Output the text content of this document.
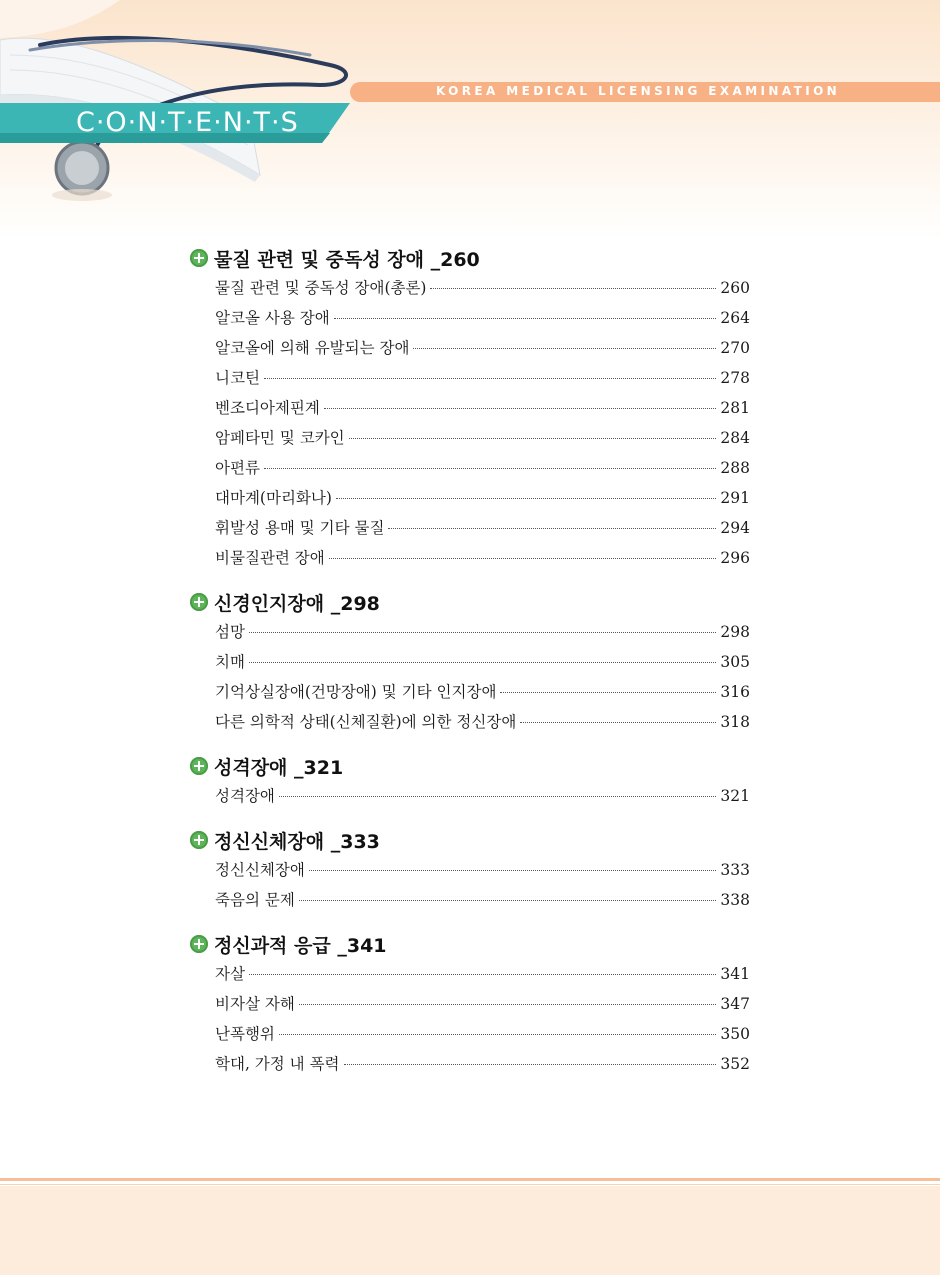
C·O·N·T·E·N·T·S
KOREA MEDICAL LICENSING EXAMINATION
물질 관련 및 중독성 장애 _260
물질 관련 및 중독성 장애(총론)	260
알코올 사용 장애	264
알코올에 의해 유발되는 장애	270
니코틴	278
벤조디아제핀계	281
암페타민 및 코카인	284
아편류	288
대마계(마리화나)	291
휘발성 용매 및 기타 물질	294
비물질관련 장애	296
신경인지장애 _298
섬망	298
치매	305
기억상실장애(건망장애) 및 기타 인지장애	316
다른 의학적 상태(신체질환)에 의한 정신장애	318
성격장애 _321
성격장애	321
정신신체장애 _333
정신신체장애	333
죽음의 문제	338
정신과적 응급 _341
자살	341
비자살 자해	347
난폭행위	350
학대, 가정 내 폭력	352
